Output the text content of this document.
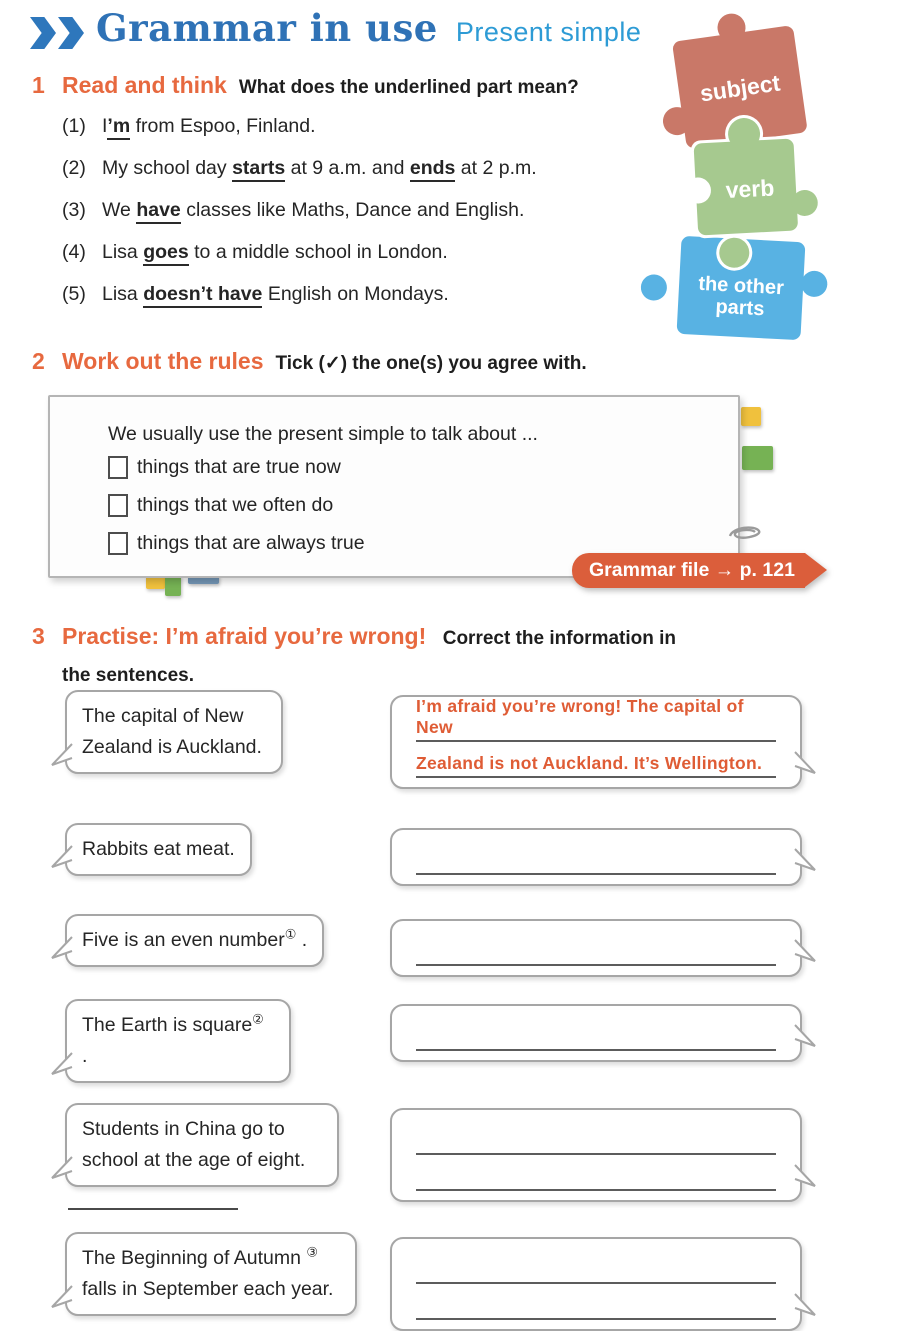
Grammar in use Present simple
1 Read and think What does the underlined part mean?
(1) I’m from Espoo, Finland.
(2) My school day starts at 9 a.m. and ends at 2 p.m.
(3) We have classes like Maths, Dance and English.
(4) Lisa goes to a middle school in London.
(5) Lisa doesn’t have English on Mondays.
subject
the other
parts
verb
2 Work out the rules Tick (✓) the one(s) you agree with.

We usually use the present simple to talk about ...

things that are true now
things that we often do
things that are always true
Grammar file → p. 121
3 Practise: I’m afraid you’re wrong! Correct the information in the sentences.
The capital of New Zealand is Auckland.
I’m afraid you’re wrong! The capital of New
Zealand is not Auckland. It’s Wellington.
Rabbits eat meat.
Five is an even number① .
The Earth is square② .
Students in China go to school at the age of eight.
The Beginning of Autumn ③ falls in September each year.
